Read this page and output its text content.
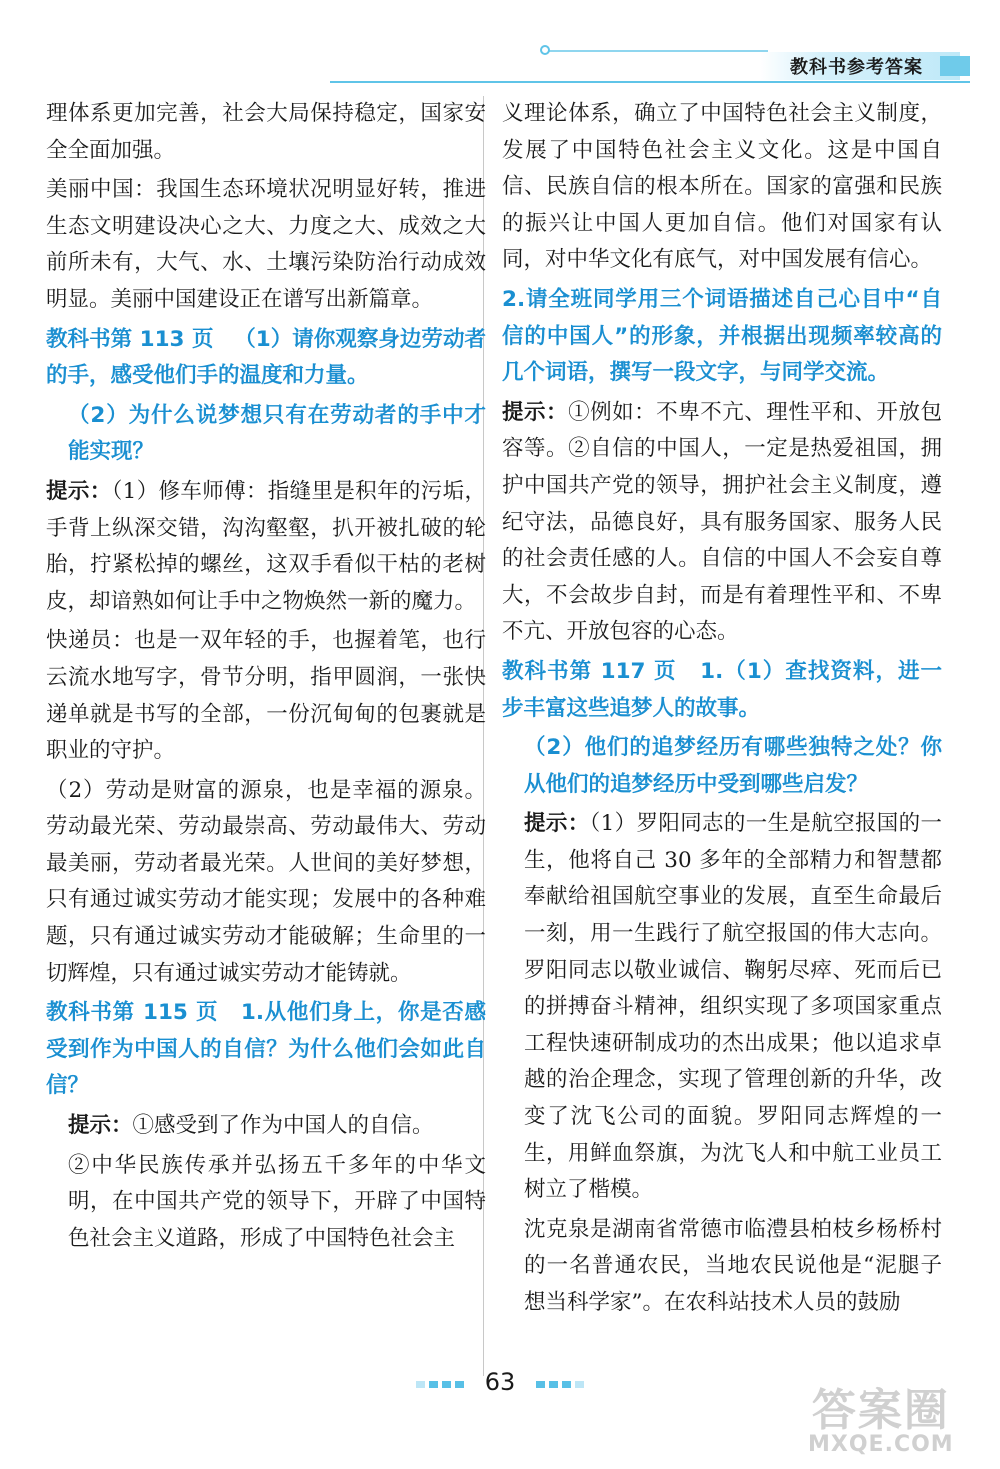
教科书参考答案

理体系更加完善，社会大局保持稳定，国家安全全面加强。

美丽中国：我国生态环境状况明显好转，推进生态文明建设决心之大、力度之大、成效之大前所未有，大气、水、土壤污染防治行动成效明显。美丽中国建设正在谱写出新篇章。

教科书第 113 页 （1）请你观察身边劳动者的手，感受他们手的温度和力量。

（2）为什么说梦想只有在劳动者的手中才能实现？

提示：（1）修车师傅：指缝里是积年的污垢，手背上纵深交错，沟沟壑壑，扒开被扎破的轮胎，拧紧松掉的螺丝，这双手看似干枯的老树皮，却谙熟如何让手中之物焕然一新的魔力。

快递员：也是一双年轻的手，也握着笔，也行云流水地写字，骨节分明，指甲圆润，一张快递单就是书写的全部，一份沉甸甸的包裹就是职业的守护。

（2）劳动是财富的源泉，也是幸福的源泉。劳动最光荣、劳动最崇高、劳动最伟大、劳动最美丽，劳动者最光荣。人世间的美好梦想，只有通过诚实劳动才能实现；发展中的各种难题，只有通过诚实劳动才能破解；生命里的一切辉煌，只有通过诚实劳动才能铸就。

教科书第 115 页 1.从他们身上，你是否感受到作为中国人的自信？为什么他们会如此自信？

提示：①感受到了作为中国人的自信。

②中华民族传承并弘扬五千多年的中华文明，在中国共产党的领导下，开辟了中国特色社会主义道路，形成了中国特色社会主

义理论体系，确立了中国特色社会主义制度，发展了中国特色社会主义文化。这是中国自信、民族自信的根本所在。国家的富强和民族的振兴让中国人更加自信。他们对国家有认同，对中华文化有底气，对中国发展有信心。

2.请全班同学用三个词语描述自己心目中“自信的中国人”的形象，并根据出现频率较高的几个词语，撰写一段文字，与同学交流。

提示：①例如：不卑不亢、理性平和、开放包容等。②自信的中国人，一定是热爱祖国，拥护中国共产党的领导，拥护社会主义制度，遵纪守法，品德良好，具有服务国家、服务人民的社会责任感的人。自信的中国人不会妄自尊大，不会故步自封，而是有着理性平和、不卑不亢、开放包容的心态。

教科书第 117 页 1.（1）查找资料，进一步丰富这些追梦人的故事。

（2）他们的追梦经历有哪些独特之处？你从他们的追梦经历中受到哪些启发？

提示：（1）罗阳同志的一生是航空报国的一生，他将自己 30 多年的全部精力和智慧都奉献给祖国航空事业的发展，直至生命最后一刻，用一生践行了航空报国的伟大志向。罗阳同志以敬业诚信、鞠躬尽瘁、死而后已的拼搏奋斗精神，组织实现了多项国家重点工程快速研制成功的杰出成果；他以追求卓越的治企理念，实现了管理创新的升华，改变了沈飞公司的面貌。罗阳同志辉煌的一生，用鲜血祭旗，为沈飞人和中航工业员工树立了楷模。

沈克泉是湖南省常德市临澧县柏枝乡杨桥村的一名普通农民，当地农民说他是“泥腿子想当科学家”。在农科站技术人员的鼓励

63
答案圈
MXQE.COM
